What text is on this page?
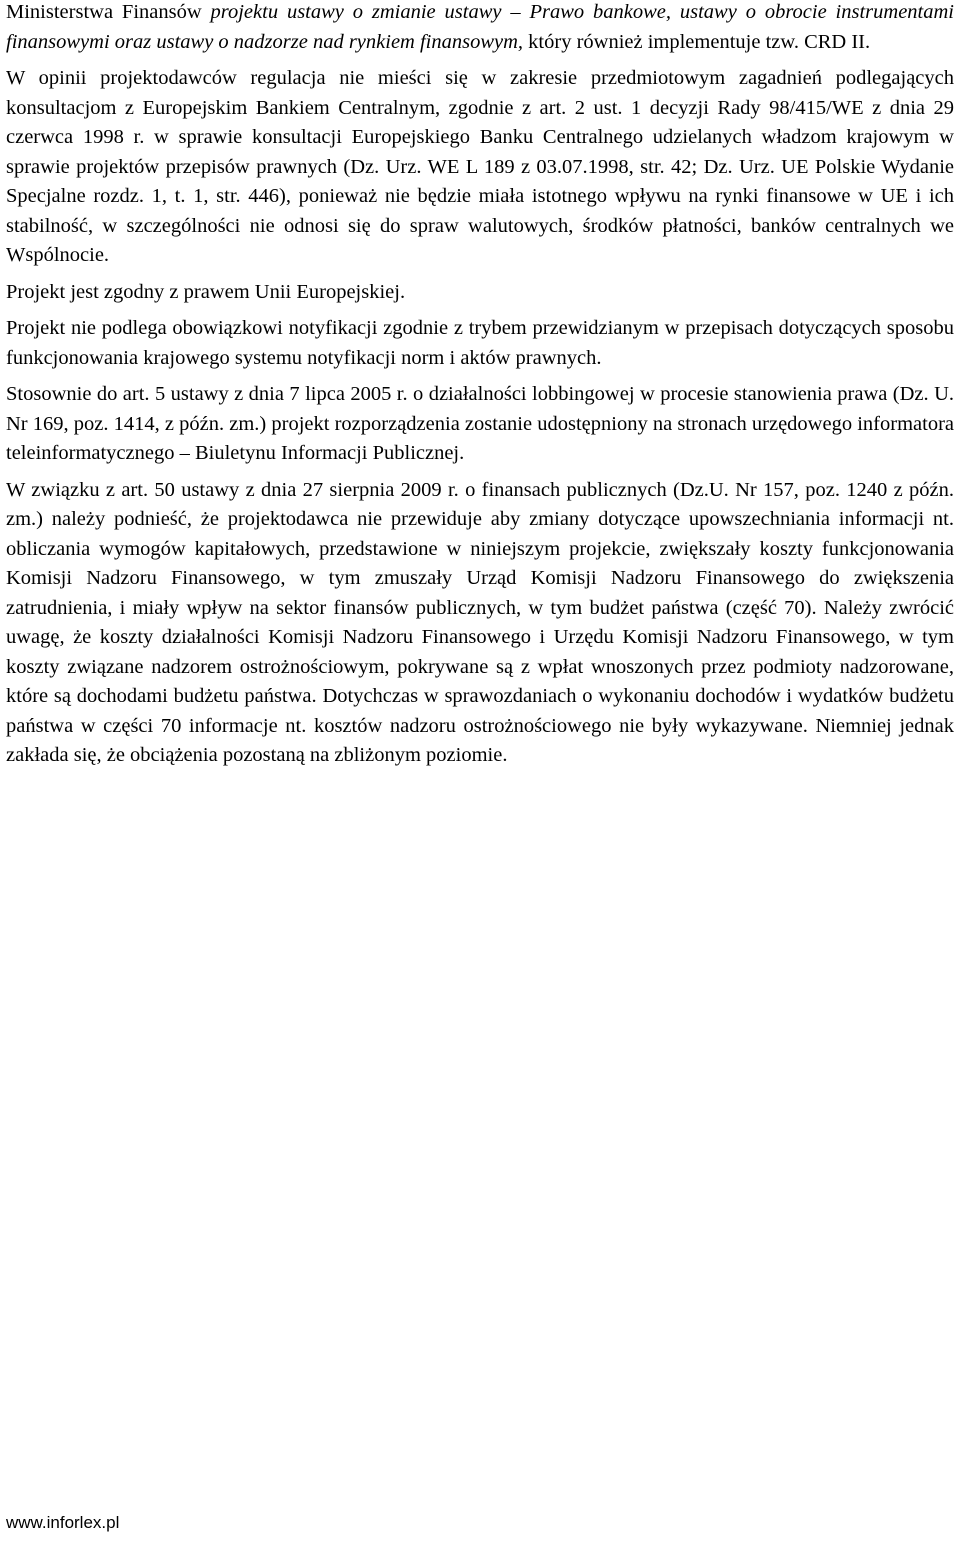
Ministerstwa Finansów projektu ustawy o zmianie ustawy – Prawo bankowe, ustawy o obrocie instrumentami finansowymi oraz ustawy o nadzorze nad rynkiem finansowym, który również implementuje tzw. CRD II.

W opinii projektodawców regulacja nie mieści się w zakresie przedmiotowym zagadnień podlegających konsultacjom z Europejskim Bankiem Centralnym, zgodnie z art. 2 ust. 1 decyzji Rady 98/415/WE z dnia 29 czerwca 1998 r. w sprawie konsultacji Europejskiego Banku Centralnego udzielanych władzom krajowym w sprawie projektów przepisów prawnych (Dz. Urz. WE L 189 z 03.07.1998, str. 42; Dz. Urz. UE Polskie Wydanie Specjalne rozdz. 1, t. 1, str. 446), ponieważ nie będzie miała istotnego wpływu na rynki finansowe w UE i ich stabilność, w szczególności nie odnosi się do spraw walutowych, środków płatności, banków centralnych we Wspólnocie.

Projekt jest zgodny z prawem Unii Europejskiej.

Projekt nie podlega obowiązkowi notyfikacji zgodnie z trybem przewidzianym w przepisach dotyczących sposobu funkcjonowania krajowego systemu notyfikacji norm i aktów prawnych.

Stosownie do art. 5 ustawy z dnia 7 lipca 2005 r. o działalności lobbingowej w procesie stanowienia prawa (Dz. U. Nr 169, poz. 1414, z późn. zm.) projekt rozporządzenia zostanie udostępniony na stronach urzędowego informatora teleinformatycznego – Biuletynu Informacji Publicznej.

W związku z art. 50 ustawy z dnia 27 sierpnia 2009 r. o finansach publicznych (Dz.U. Nr 157, poz. 1240 z późn. zm.) należy podnieść, że projektodawca nie przewiduje aby zmiany dotyczące upowszechniania informacji nt. obliczania wymogów kapitałowych, przedstawione w niniejszym projekcie, zwiększały koszty funkcjonowania Komisji Nadzoru Finansowego, w tym zmuszały Urząd Komisji Nadzoru Finansowego do zwiększenia zatrudnienia, i miały wpływ na sektor finansów publicznych, w tym budżet państwa (część 70). Należy zwrócić uwagę, że koszty działalności Komisji Nadzoru Finansowego i Urzędu Komisji Nadzoru Finansowego, w tym koszty związane nadzorem ostrożnościowym, pokrywane są z wpłat wnoszonych przez podmioty nadzorowane, które są dochodami budżetu państwa. Dotychczas w sprawozdaniach o wykonaniu dochodów i wydatków budżetu państwa w części 70 informacje nt. kosztów nadzoru ostrożnościowego nie były wykazywane. Niemniej jednak zakłada się, że obciążenia pozostaną na zbliżonym poziomie.

www.inforlex.pl
